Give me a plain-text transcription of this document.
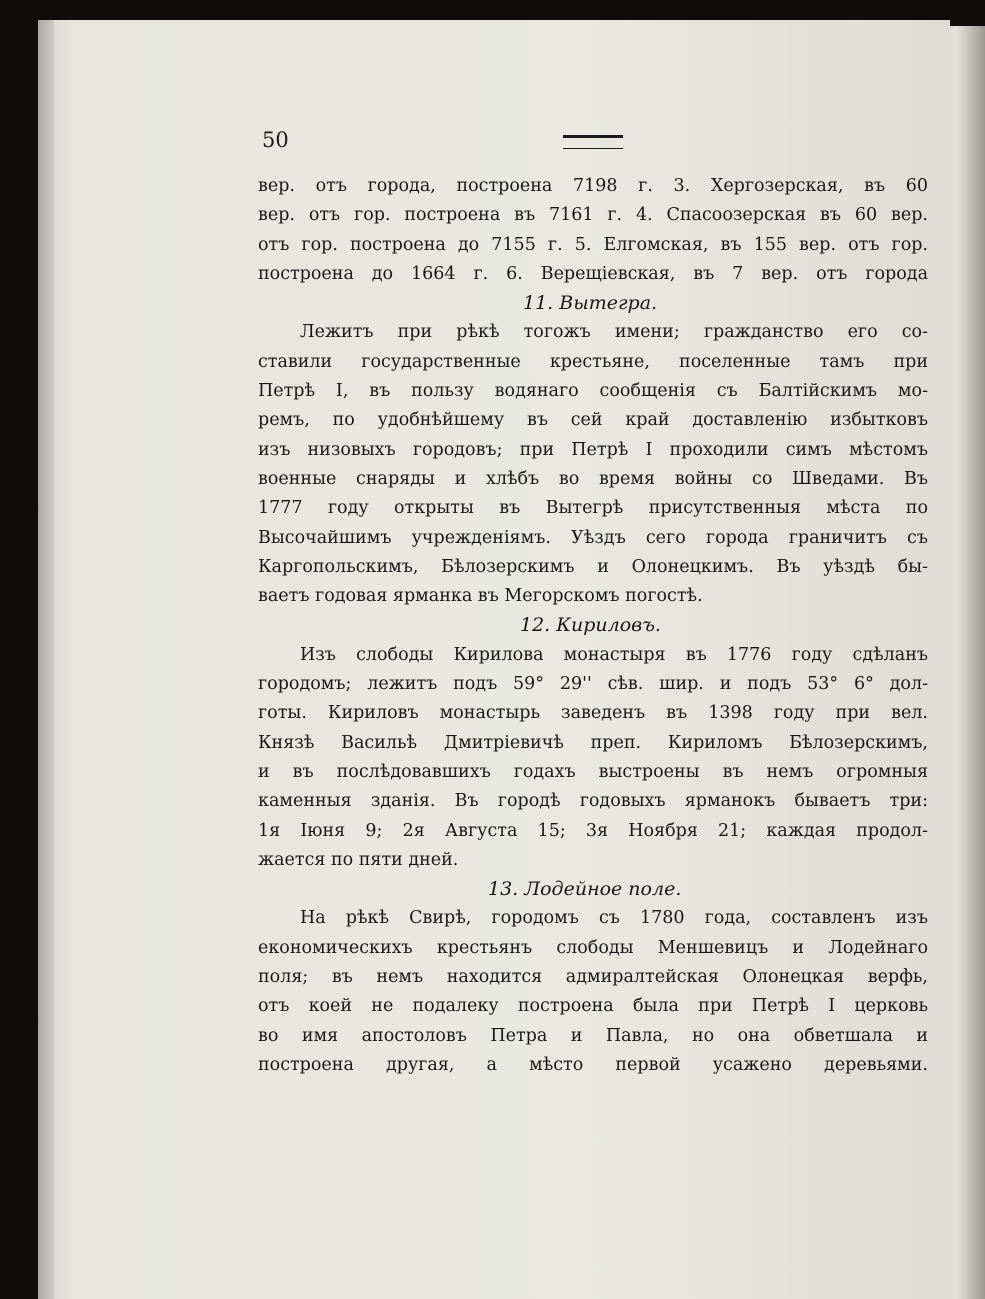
50
вер. отъ города, построена 7198 г. 3. Хергозерская, въ 60
вер. отъ гор. построена въ 7161 г. 4. Спасоозерская въ 60 вер.
отъ гор. построена до 7155 г. 5. Елгомская, въ 155 вер. отъ гор.
построена до 1664 г. 6. Верещіевская, въ 7 вер. отъ города
11. Вытегра.
Лежитъ при рѣкѣ тогожъ имени; гражданство его со-
ставили государственные крестьяне, поселенные тамъ при
Петрѣ I, въ пользу водянаго сообщенія съ Балтійскимъ мо-
ремъ, по удобнѣйшему въ сей край доставленію избытковъ
изъ низовыхъ городовъ; при Петрѣ I проходили симъ мѣстомъ
военные снаряды и хлѣбъ во время войны со Шведами. Въ
1777 году открыты въ Вытегрѣ присутственныя мѣста по
Высочайшимъ учрежденіямъ. Уѣздъ сего города граничитъ съ
Каргопольскимъ, Бѣлозерскимъ и Олонецкимъ. Въ уѣздѣ бы-
ваетъ годовая ярманка въ Мегорскомъ погостѣ.
12. Кириловъ.
Изъ слободы Кирилова монастыря въ 1776 году сдѣланъ
городомъ; лежитъ подъ 59° 29'' сѣв. шир. и подъ 53° 6° дол-
готы. Кириловъ монастырь заведенъ въ 1398 году при вел.
Князѣ Васильѣ Дмитріевичѣ преп. Кириломъ Бѣлозерскимъ,
и въ послѣдовавшихъ годахъ выстроены въ немъ огромныя
каменныя зданія. Въ городѣ годовыхъ ярманокъ бываетъ три:
1я Іюня 9; 2я Августа 15; 3я Ноября 21; каждая продол-
жается по пяти дней.
13. Лодейное поле.
На рѣкѣ Свирѣ, городомъ съ 1780 года, составленъ изъ
економическихъ крестьянъ слободы Меншевицъ и Лодейнаго
поля; въ немъ находится адмиралтейская Олонецкая верфь,
отъ коей не подалеку построена была при Петрѣ I церковь
во имя апостоловъ Петра и Павла, но она обветшала и
построена другая, а мѣсто первой усажено деревьями.
